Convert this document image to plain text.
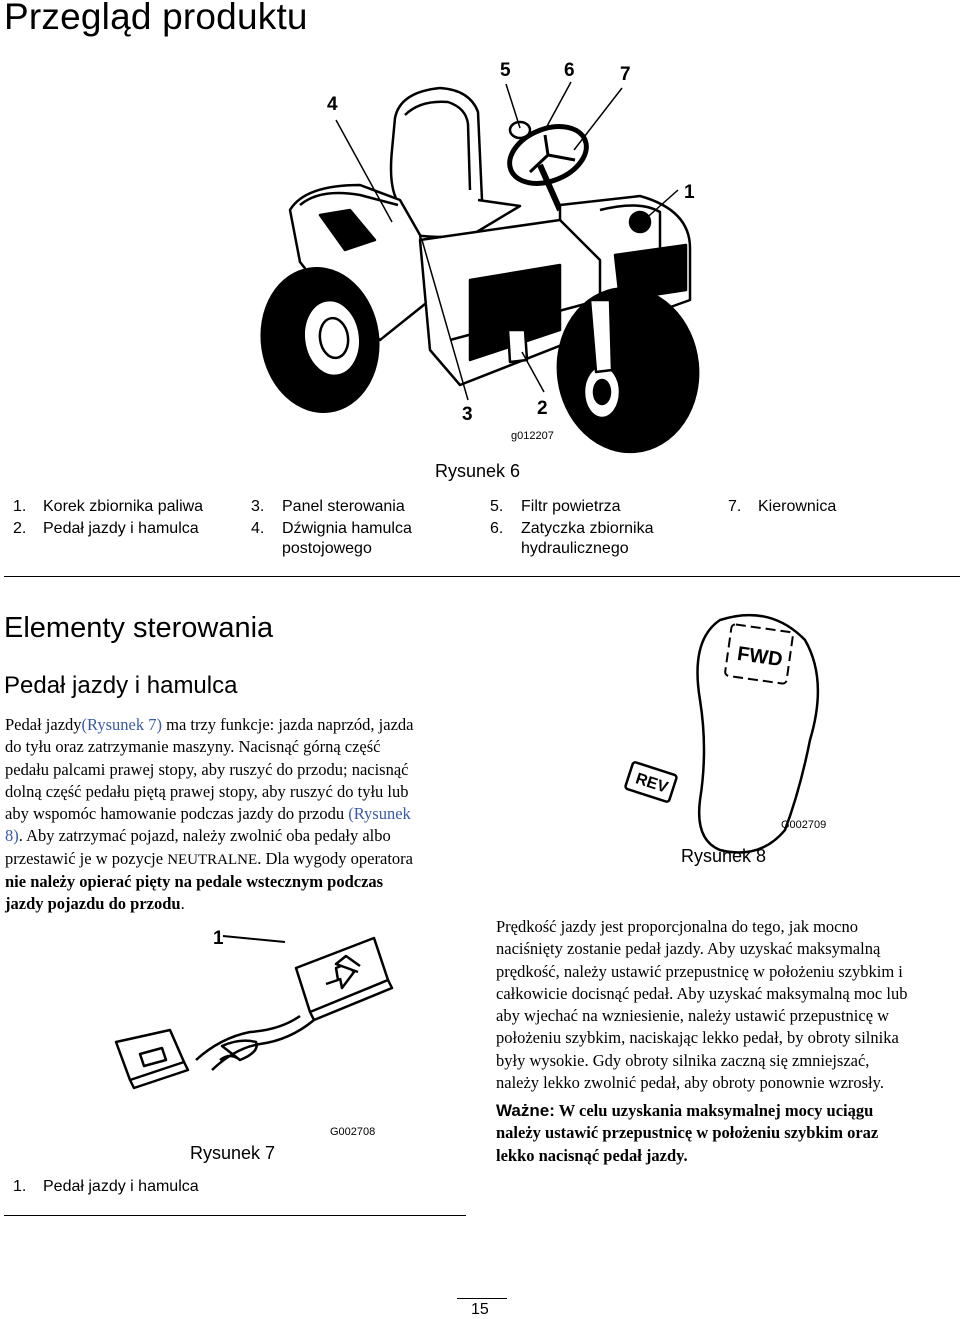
Przegląd produktu
4
5	6 7
1
3	2
g012207
Rysunek 6
1. Korek zbiornika paliwa
2. Pedał jazdy i hamulca
3. Panel sterowania
4. Dźwignia hamulca
postojowego
5. Filtr powietrza
6. Zatyczka zbiornika
hydraulicznego
7. Kierownica
Elementy sterowania
Pedał jazdy i hamulca
Pedał jazdy(Rysunek 7) ma trzy funkcje: jazda naprzód, jazda
do tyłu oraz zatrzymanie maszyny. Nacisnąć górną część
pedału palcami prawej stopy, aby ruszyć do przodu; nacisnąć
dolną część pedału piętą prawej stopy, aby ruszyć do tyłu lub
aby wspomóc hamowanie podczas jazdy do przodu (Rysunek
8). Aby zatrzymać pojazd, należy zwolnić oba pedały albo
przestawić je w pozycje NEUTRALNE. Dla wygody operatora
nie należy opierać pięty na pedale wstecznym podczas
jazdy pojazdu do przodu.
FWD
REV
G002709
Rysunek 8
Prędkość jazdy jest proporcjonalna do tego, jak mocno
naciśnięty zostanie pedał jazdy. Aby uzyskać maksymalną
prędkość, należy ustawić przepustnicę w położeniu szybkim i
całkowicie docisnąć pedał. Aby uzyskać maksymalną moc lub
aby wjechać na wzniesienie, należy ustawić przepustnicę w
położeniu szybkim, naciskając lekko pedał, by obroty silnika
były wysokie. Gdy obroty silnika zaczną się zmniejszać,
należy lekko zwolnić pedał, aby obroty ponownie wzrosły.
Ważne: W celu uzyskania maksymalnej mocy uciągu
należy ustawić przepustnicę w położeniu szybkim oraz
lekko nacisnąć pedał jazdy.
1
G002708
Rysunek 7
1. Pedał jazdy i hamulca
15
